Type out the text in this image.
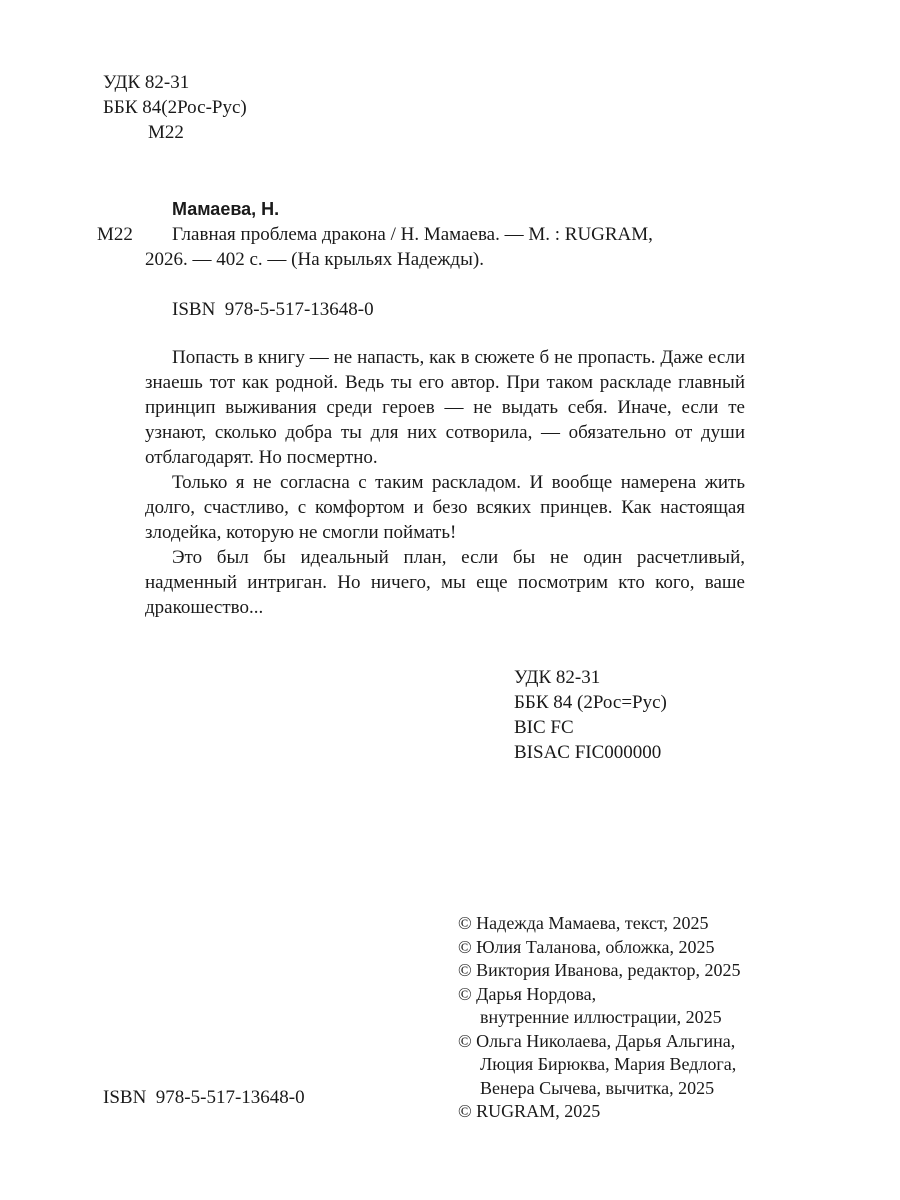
УДК 82-31
ББК 84(2Рос-Рус)
М22
Мамаева, Н.
М22	Главная проблема дракона / Н. Мамаева. — М. : RUGRAM,
2026. — 402 с. — (На крыльях Надежды).
ISBN  978-5-517-13648-0

Попасть в книгу — не напасть, как в сюжете б не пропасть. Даже если знаешь тот как родной. Ведь ты его автор. При таком раскладе главный принцип выживания среди героев — не выдать себя. Иначе, если те узнают, сколько добра ты для них сотворила, — обязательно от души отблагодарят. Но посмертно.

Только я не согласна с таким раскладом. И вообще намерена жить долго, счастливо, с комфортом и безо всяких принцев. Как настоящая злодейка, которую не смогли поймать!

Это был бы идеальный план, если бы не один расчетливый, надменный интриган. Но ничего, мы еще посмотрим кто кого, ваше дракошество...

УДК 82-31
ББК 84 (2Рос=Рус)
BIC FC
BISAC FIC000000
© Надежда Мамаева, текст, 2025
© Юлия Таланова, обложка, 2025
© Виктория Иванова, редактор, 2025
© Дарья Нордова,
внутренние иллюстрации, 2025
© Ольга Николаева, Дарья Альгина,
Люция Бирюква, Мария Ведлога,
Венера Сычева, вычитка, 2025
© RUGRAM, 2025
ISBN  978-5-517-13648-0
